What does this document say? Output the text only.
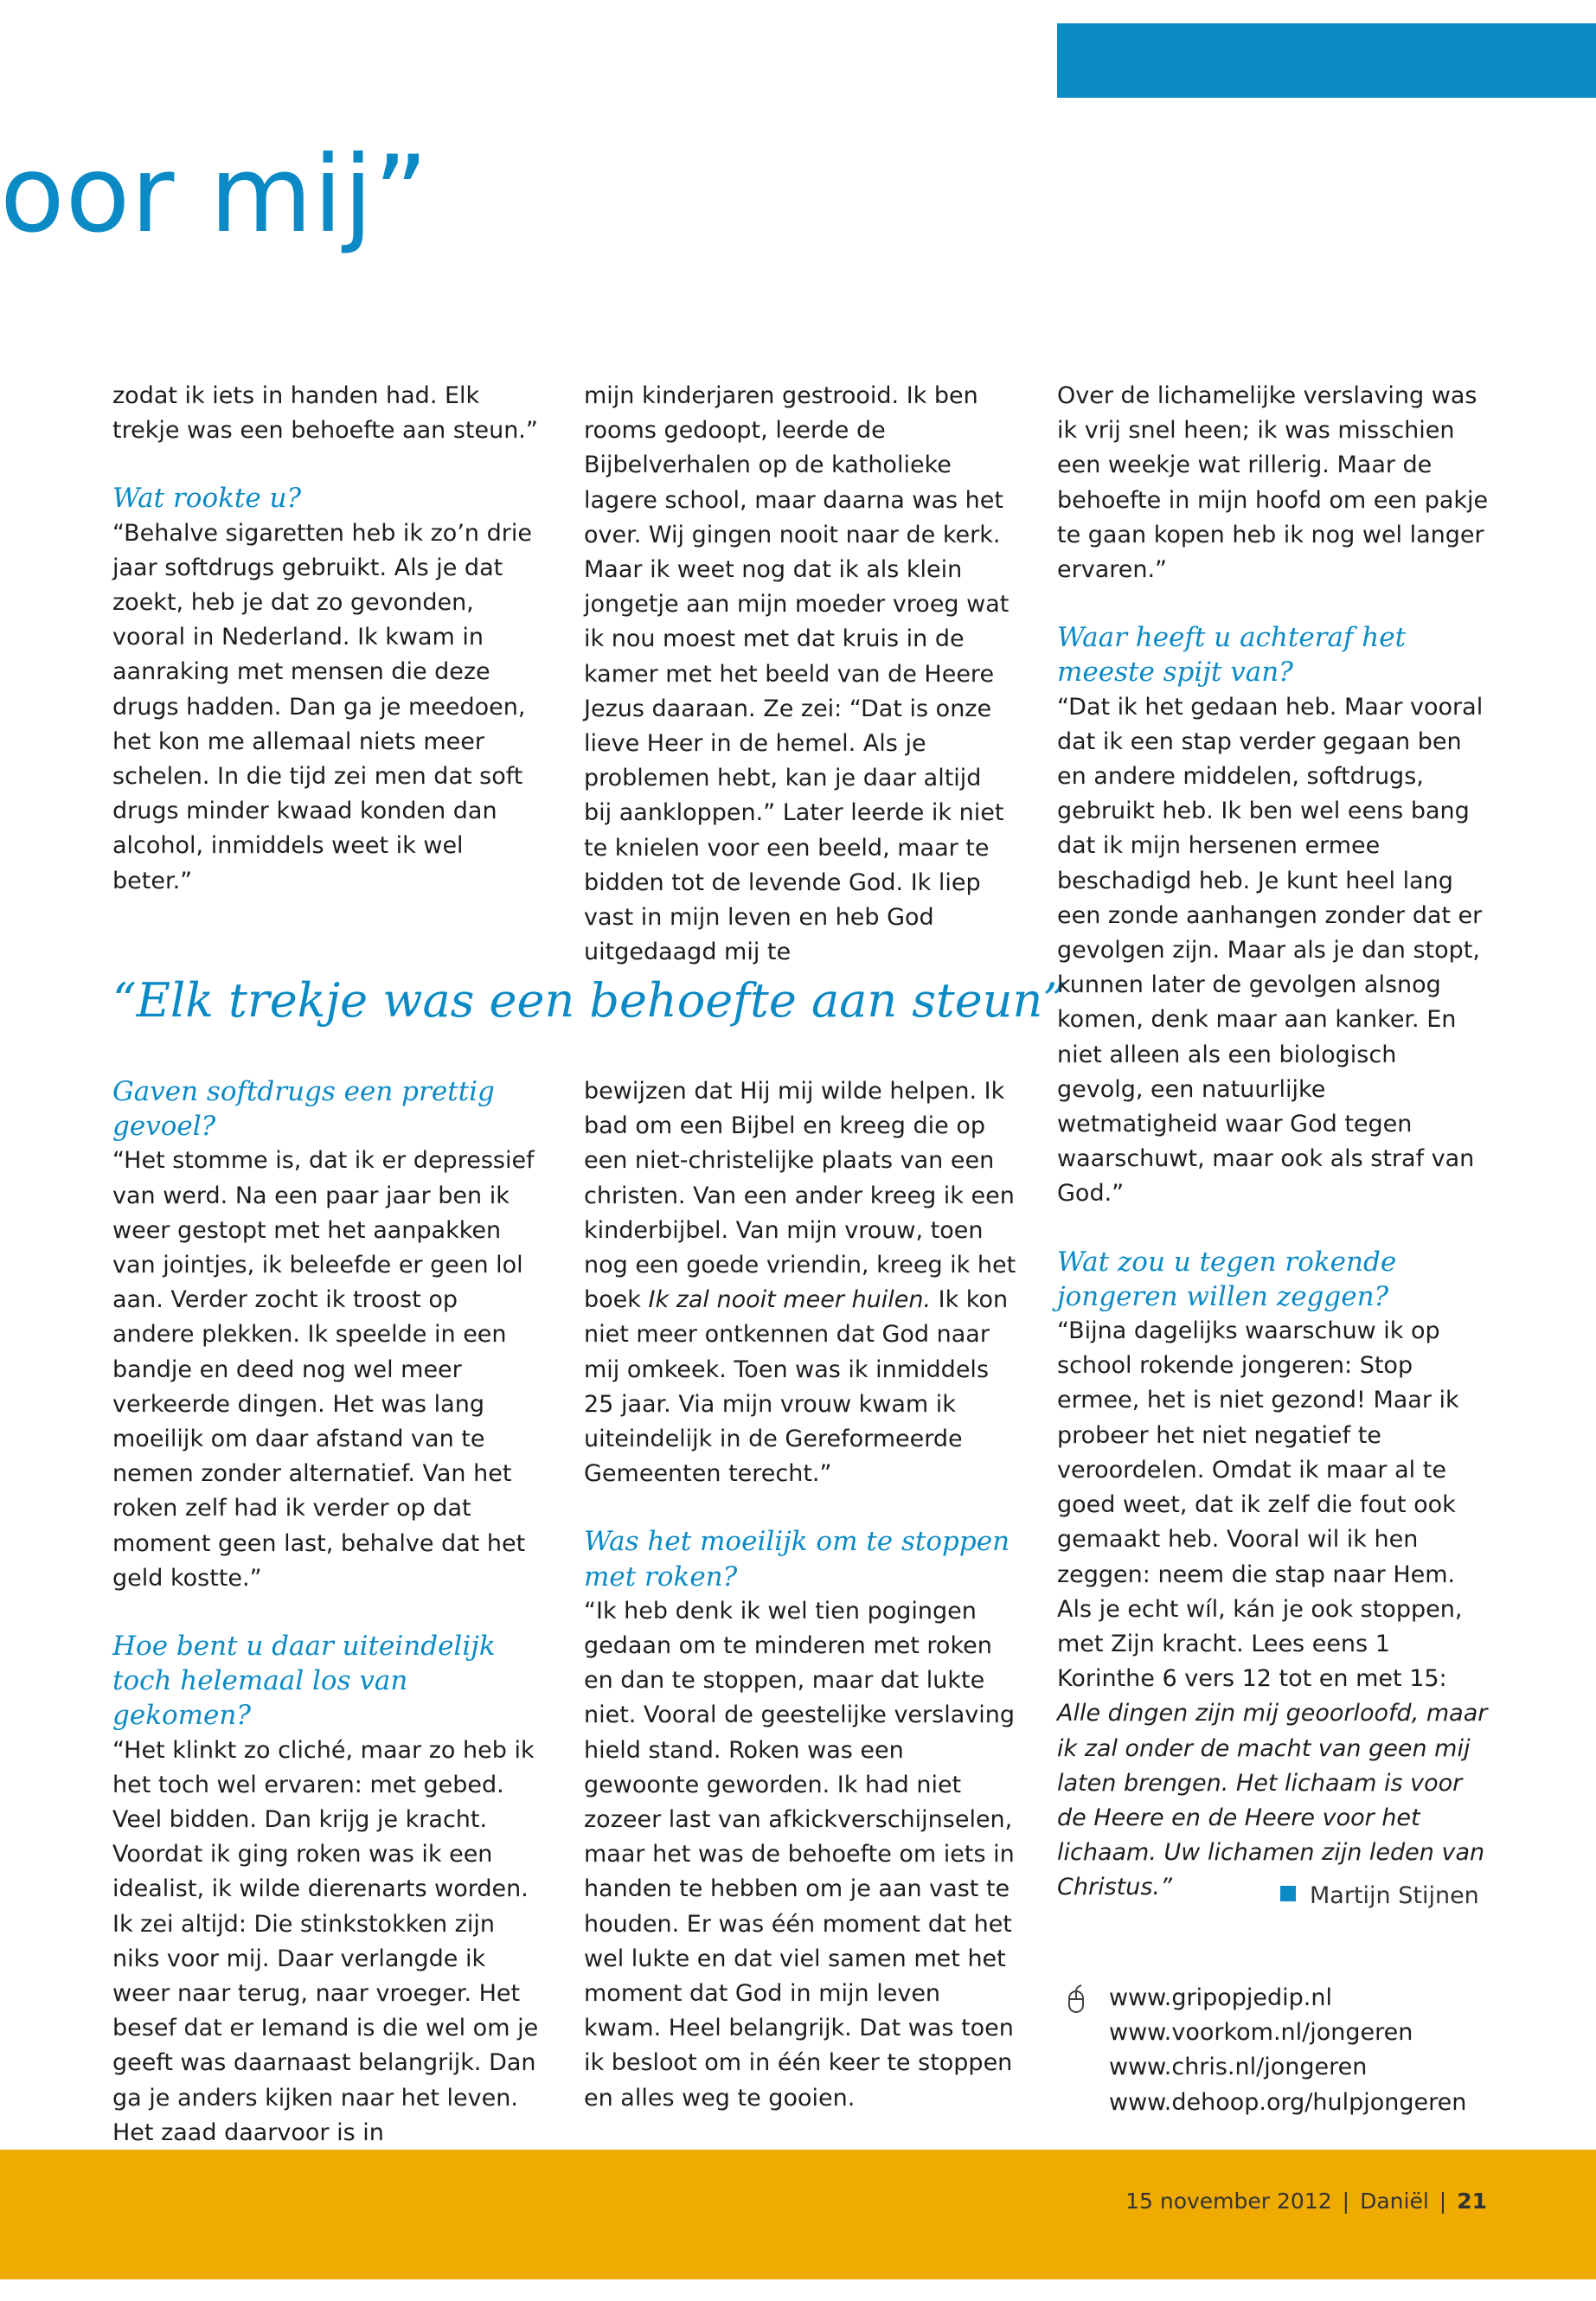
oor mij”

zodat ik iets in handen had. Elk trekje was een behoefte aan steun.”

Wat rookte u?

“Behalve sigaretten heb ik zo’n drie jaar softdrugs gebruikt. Als je dat zoekt, heb je dat zo gevonden, vooral in Nederland. Ik kwam in aanraking met mensen die deze drugs hadden. Dan ga je meedoen, het kon me allemaal niets meer schelen. In die tijd zei men dat soft drugs minder kwaad konden dan alcohol, inmiddels weet ik wel beter.”

mijn kinderjaren gestrooid. Ik ben rooms gedoopt, leerde de Bijbelverhalen op de katholieke lagere school, maar daarna was het over. Wij gingen nooit naar de kerk. Maar ik weet nog dat ik als klein jongetje aan mijn moeder vroeg wat ik nou moest met dat kruis in de kamer met het beeld van de Heere Jezus daaraan. Ze zei: “Dat is onze lieve Heer in de hemel. Als je problemen hebt, kan je daar altijd bij aankloppen.” Later leerde ik niet te knielen voor een beeld, maar te bidden tot de levende God. Ik liep vast in mijn leven en heb God uitgedaagd mij te

“Elk trekje was een behoefte aan steun”

Gaven softdrugs een prettig gevoel?

“Het stomme is, dat ik er depressief van werd. Na een paar jaar ben ik weer gestopt met het aanpakken van jointjes, ik beleefde er geen lol aan. Verder zocht ik troost op andere plekken. Ik speelde in een bandje en deed nog wel meer verkeerde dingen. Het was lang moeilijk om daar afstand van te nemen zonder alternatief. Van het roken zelf had ik verder op dat moment geen last, behalve dat het geld kostte.”

Hoe bent u daar uiteindelijk toch helemaal los van gekomen?

“Het klinkt zo cliché, maar zo heb ik het toch wel ervaren: met gebed. Veel bidden. Dan krijg je kracht. Voordat ik ging roken was ik een idealist, ik wilde dierenarts worden. Ik zei altijd: Die stinkstokken zijn niks voor mij. Daar verlangde ik weer naar terug, naar vroeger. Het besef dat er Iemand is die wel om je geeft was daarnaast belangrijk. Dan ga je anders kijken naar het leven. Het zaad daarvoor is in

bewijzen dat Hij mij wilde helpen. Ik bad om een Bijbel en kreeg die op een niet-christelijke plaats van een christen. Van een ander kreeg ik een kinderbijbel. Van mijn vrouw, toen nog een goede vriendin, kreeg ik het boek Ik zal nooit meer huilen. Ik kon niet meer ontkennen dat God naar mij omkeek. Toen was ik inmiddels 25 jaar. Via mijn vrouw kwam ik uiteindelijk in de Gereformeerde Gemeenten terecht.”

Was het moeilijk om te stoppen met roken?

“Ik heb denk ik wel tien pogingen gedaan om te minderen met roken en dan te stoppen, maar dat lukte niet. Vooral de geestelijke verslaving hield stand. Roken was een gewoonte geworden. Ik had niet zozeer last van afkickverschijnselen, maar het was de behoefte om iets in handen te hebben om je aan vast te houden. Er was één moment dat het wel lukte en dat viel samen met het moment dat God in mijn leven kwam. Heel belangrijk. Dat was toen ik besloot om in één keer te stoppen en alles weg te gooien.

Over de lichamelijke verslaving was ik vrij snel heen; ik was misschien een weekje wat rillerig. Maar de behoefte in mijn hoofd om een pakje te gaan kopen heb ik nog wel langer ervaren.”

Waar heeft u achteraf het meeste spijt van?

“Dat ik het gedaan heb. Maar vooral dat ik een stap verder gegaan ben en andere middelen, softdrugs, gebruikt heb. Ik ben wel eens bang dat ik mijn hersenen ermee beschadigd heb. Je kunt heel lang een zonde aanhangen zonder dat er gevolgen zijn. Maar als je dan stopt, kunnen later de gevolgen alsnog komen, denk maar aan kanker. En niet alleen als een biologisch gevolg, een natuurlijke wetmatigheid waar God tegen waarschuwt, maar ook als straf van God.”

Wat zou u tegen rokende jongeren willen zeggen?

“Bijna dagelijks waarschuw ik op school rokende jongeren: Stop ermee, het is niet gezond! Maar ik probeer het niet negatief te veroordelen. Omdat ik maar al te goed weet, dat ik zelf die fout ook gemaakt heb. Vooral wil ik hen zeggen: neem die stap naar Hem. Als je echt wíl, kán je ook stoppen, met Zijn kracht. Lees eens 1 Korinthe 6 vers 12 tot en met 15: Alle dingen zijn mij geoorloofd, maar ik zal onder de macht van geen mij laten brengen. Het lichaam is voor de Heere en de Heere voor het lichaam. Uw lichamen zijn leden van Christus.”	Martijn Stijnen
www.gripopjedip.nl
www.voorkom.nl/jongeren
www.chris.nl/jongeren
www.dehoop.org/hulpjongeren
15 november 2012 | Daniël | 21
